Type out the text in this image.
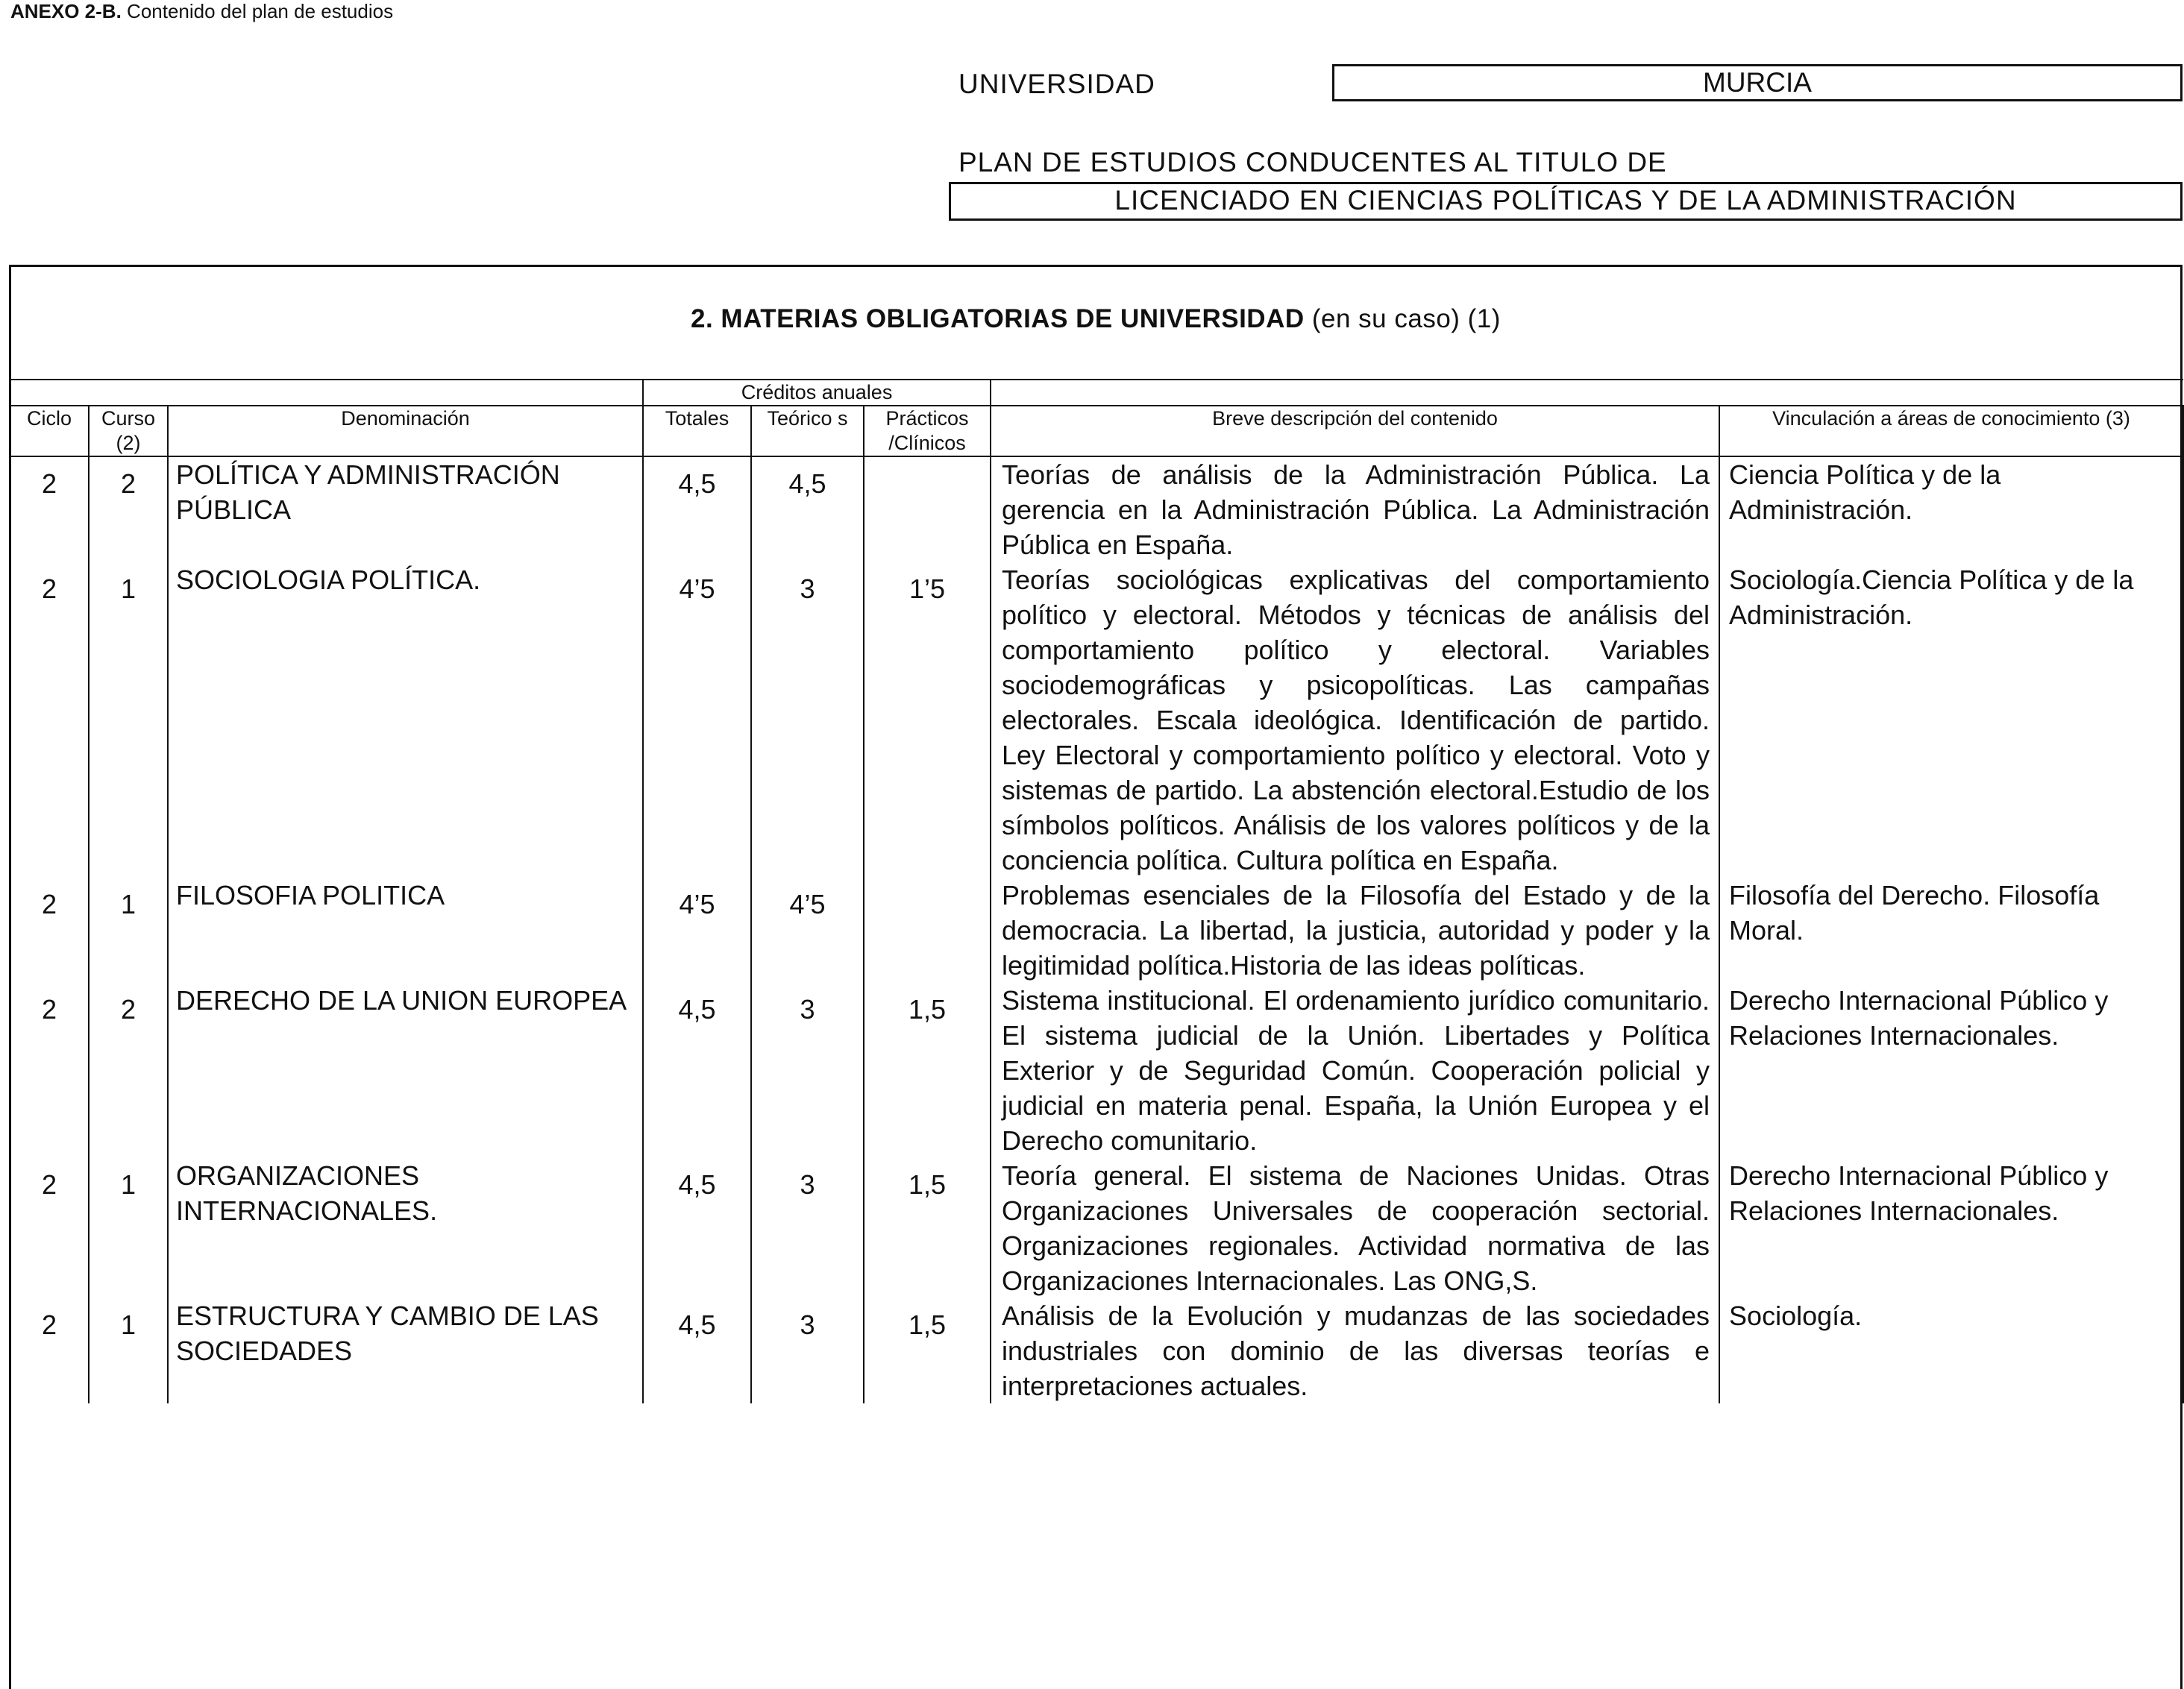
ANEXO 2-B. Contenido del plan de estudios
UNIVERSIDAD	MURCIA
PLAN DE ESTUDIOS CONDUCENTES AL TITULO DE
LICENCIADO EN CIENCIAS POLÍTICAS Y DE LA ADMINISTRACIÓN
2. MATERIAS OBLIGATORIAS DE UNIVERSIDAD (en su caso) (1)
			Créditos anuales				
Ciclo	Curso (2)	Denominación	Totales	Teórico s	Prácticos /Clínicos	Breve descripción del contenido	Vinculación a áreas de conocimiento (3)
2	2	POLÍTICA Y ADMINISTRACIÓN PÚBLICA	4,5	4,5		Teorías de análisis de la Administración Pública. La gerencia en la Administración Pública. La Administración Pública en España.	Ciencia Política y de la Administración.
2	1	SOCIOLOGIA POLÍTICA.	4’5	3	1’5	Teorías sociológicas explicativas del comportamiento político y electoral. Métodos y técnicas de análisis del comportamiento político y electoral. Variables sociodemográficas y psicopolíticas. Las campañas electorales. Escala ideológica. Identificación de partido. Ley Electoral y comportamiento político y electoral. Voto y sistemas de partido. La abstención electoral.Estudio de los símbolos políticos. Análisis de los valores políticos y de la conciencia política. Cultura política en España.	Sociología.Ciencia Política y de la Administración.
2	1	FILOSOFIA POLITICA	4’5	4’5		Problemas esenciales de la Filosofía del Estado y de la democracia. La libertad, la justicia, autoridad y poder y la legitimidad política.Historia de las ideas políticas.	Filosofía del Derecho. Filosofía Moral.
2	2	DERECHO DE LA UNION EUROPEA	4,5	3	1,5	Sistema institucional. El ordenamiento jurídico comunitario. El sistema judicial de la Unión. Libertades y Política Exterior y de Seguridad Común. Cooperación policial y judicial en materia penal. España, la Unión Europea y el Derecho comunitario.	Derecho Internacional Público y Relaciones Internacionales.
2	1	ORGANIZACIONES INTERNACIONALES.	4,5	3	1,5	Teoría general. El sistema de Naciones Unidas. Otras Organizaciones Universales de cooperación sectorial. Organizaciones regionales. Actividad normativa de las Organizaciones Internacionales. Las ONG,S.	Derecho Internacional Público y Relaciones Internacionales.
2	1	ESTRUCTURA Y CAMBIO DE LAS SOCIEDADES	4,5	3	1,5	Análisis de la Evolución y mudanzas de las sociedades industriales con dominio de las diversas teorías e interpretaciones actuales.	Sociología.
